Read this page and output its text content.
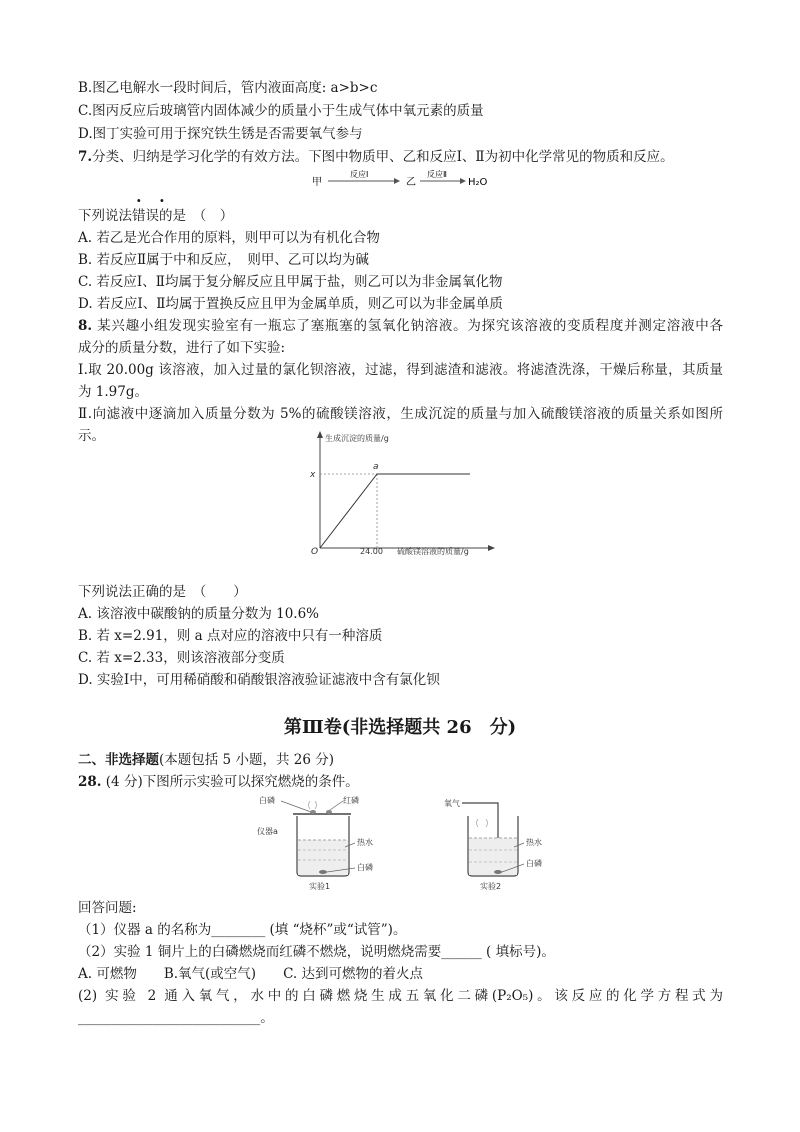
B.图乙电解水一段时间后，管内液面高度: a>b>c
C.图丙反应后玻璃管内固体减少的质量小于生成气体中氧元素的质量
D.图丁实验可用于探究铁生锈是否需要氧气参与
7.分类、归纳是学习化学的有效方法。下图中物质甲、乙和反应Ⅰ、Ⅱ为初中化学常见的物质和反应。
甲
反应Ⅰ
乙
反应Ⅱ
H₂O
· ·
下列说法错误的是　（　）
A. 若乙是光合作用的原料，则甲可以为有机化合物
B. 若反应Ⅱ属于中和反应，　则甲、乙可以均为碱
C. 若反应Ⅰ、Ⅱ均属于复分解反应且甲属于盐，则乙可以为非金属氧化物
D. 若反应Ⅰ、Ⅱ均属于置换反应且甲为金属单质，则乙可以为非金属单质
8. 某兴趣小组发现实验室有一瓶忘了塞瓶塞的氢氧化钠溶液。为探究该溶液的变质程度并测定溶液中各
成分的质量分数，进行了如下实验:
Ⅰ.取 20.00g 该溶液，加入过量的氯化钡溶液，过滤，得到滤渣和滤液。将滤渣洗涤，干燥后称量，其质量
为 1.97g。
Ⅱ.向滤液中逐滴加入质量分数为 5%的硫酸镁溶液，生成沉淀的质量与加入硫酸镁溶液的质量关系如图所
示。	生成沉淀的质量/g
硫酸镁溶液的质量/g
O	24.00
x
a
下列说法正确的是　（　　）
A. 该溶液中碳酸钠的质量分数为 10.6%
B. 若 x=2.91，则 a 点对应的溶液中只有一种溶质
C. 若 x=2.33，则该溶液部分变质
D. 实验Ⅰ中，可用稀硝酸和硝酸银溶液验证滤液中含有氯化钡
第Ⅲ卷(非选择题共 26　分)
二、非选择题(本题包括 5 小题，共 26 分)
28. (4 分)下图所示实验可以探究燃烧的条件。
白磷	红磷
仪器a
热水
白磷
实验1
氧气
热水
白磷
实验2
回答问题:
（1）仪器 a 的名称为________ (填 “烧杯”或“试管”)。
（2）实验 1 铜片上的白磷燃烧而红磷不燃烧，说明燃烧需要______ ( 填标号)。
A. 可燃物　　B.氧气(或空气)　　C. 达到可燃物的着火点
(2) 实验 2 通入氧气，水中的白磷燃烧生成五氧化二磷(P₂O₅)。该反应的化学方程式为
___________________________。
